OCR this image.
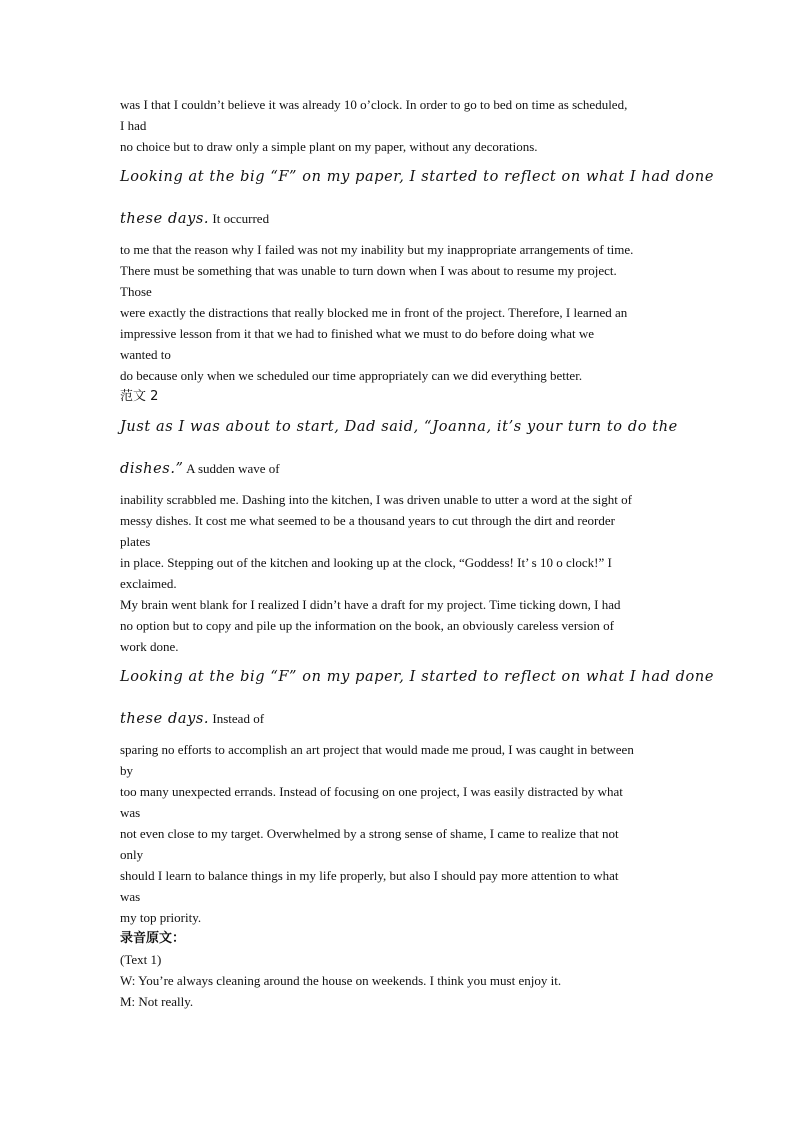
was I that I couldn’t believe it was already 10 o’clock. In order to go to bed on time as scheduled,
I had
no choice but to draw only a simple plant on my paper, without any decorations.
Looking at the big “F” on my paper, I started to reflect on what I had done
these days. It occurred
to me that the reason why I failed was not my inability but my inappropriate arrangements of time.
There must be something that was unable to turn down when I was about to resume my project.
Those
were exactly the distractions that really blocked me in front of the project. Therefore, I learned an
impressive lesson from it that we had to finished what we must to do before doing what we
wanted to
do because only when we scheduled our time appropriately can we did everything better.
范文 2
Just as I was about to start, Dad said, “Joanna, it’s your turn to do the
dishes.” A sudden wave of
inability scrabbled me. Dashing into the kitchen, I was driven unable to utter a word at the sight of
messy dishes. It cost me what seemed to be a thousand years to cut through the dirt and reorder
plates
in place. Stepping out of the kitchen and looking up at the clock, “Goddess! It’ s 10 o clock!” I
exclaimed.
My brain went blank for I realized I didn’t have a draft for my project. Time ticking down, I had
no option but to copy and pile up the information on the book, an obviously careless version of
work done.
Looking at the big “F” on my paper, I started to reflect on what I had done
these days. Instead of
sparing no efforts to accomplish an art project that would made me proud, I was caught in between
by
too many unexpected errands. Instead of focusing on one project, I was easily distracted by what
was
not even close to my target. Overwhelmed by a strong sense of shame, I came to realize that not
only
should I learn to balance things in my life properly, but also I should pay more attention to what
was
my top priority.
录音原文：
(Text 1)
W: You’re always cleaning around the house on weekends. I think you must enjoy it.
M: Not really.
